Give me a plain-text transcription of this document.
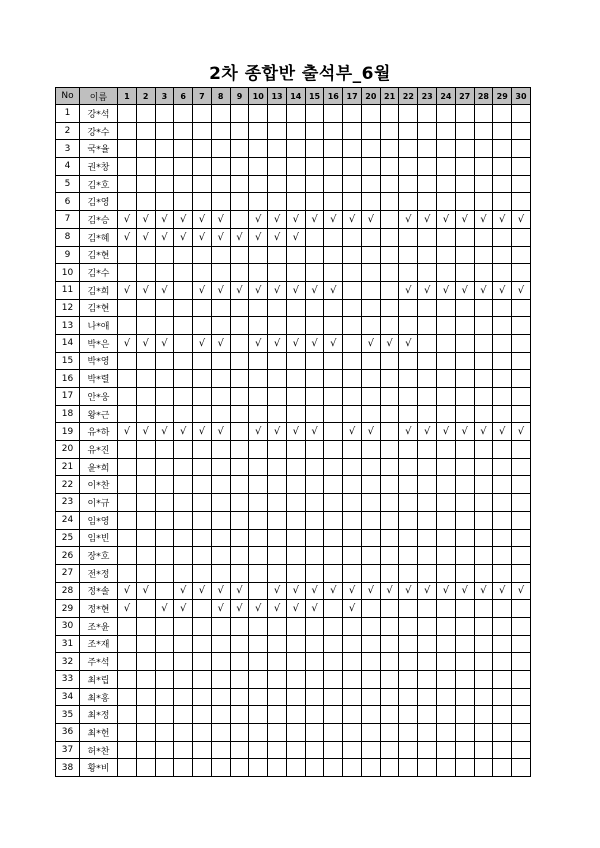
2차 종합반 출석부_6월
No	이름	1	2	3	6	7	8	9	10	13	14	15	16	17	20	21	22	23	24	27	28	29	30
1	강*석																						
2	강*수																						
3	국*율																						
4	권*창																						
5	김*호																						
6	김*영																						
7	김*승	√	√	√	√	√	√		√	√	√	√	√	√	√		√	√	√	√	√	√	√
8	김*혜	√	√	√	√	√	√	√	√	√	√												
9	김*현																						
10	김*수																						
11	김*희	√	√	√		√	√	√	√	√	√	√	√				√	√	√	√	√	√	√
12	김*현																						
13	나*애																						
14	박*은	√	√	√		√	√		√	√	√	√	√		√	√	√						
15	박*영																						
16	박*렬																						
17	안*웅																						
18	왕*근																						
19	유*하	√	√	√	√	√	√		√	√	√	√		√	√		√	√	√	√	√	√	√
20	유*진																						
21	윤*희																						
22	이*찬																						
23	이*규																						
24	임*영																						
25	임*빈																						
26	장*호																						
27	전*정																						
28	정*솔	√	√		√	√	√	√		√	√	√	√	√	√	√	√	√	√	√	√	√	√
29	정*현	√		√	√		√	√	√	√	√	√		√									
30	조*윤																						
31	조*재																						
32	주*석																						
33	최*립																						
34	최*홍																						
35	최*정																						
36	최*헌																						
37	허*찬																						
38	황*비																						
